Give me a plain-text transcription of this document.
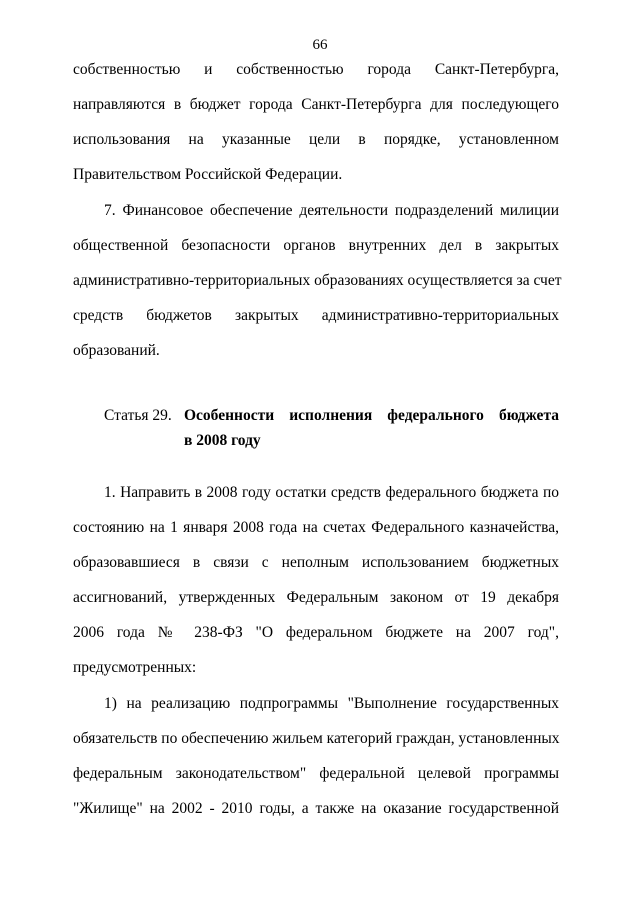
66
собственностью и собственностью города Санкт-Петербурга,
направляются в бюджет города Санкт-Петербурга для последующего
использования на указанные цели в порядке, установленном
Правительством Российской Федерации.
7. Финансовое обеспечение деятельности подразделений милиции
общественной безопасности органов внутренних дел в закрытых
административно-территориальных образованиях осуществляется за счет
средств бюджетов закрытых административно-территориальных
образований.
Статья 29. Особенности исполнения федерального бюджета
в 2008 году
1. Направить в 2008 году остатки средств федерального бюджета по
состоянию на 1 января 2008 года на счетах Федерального казначейства,
образовавшиеся в связи с неполным использованием бюджетных
ассигнований, утвержденных Федеральным законом от 19 декабря
2006 года № 238-ФЗ "О федеральном бюджете на 2007 год",
предусмотренных:
1) на реализацию подпрограммы "Выполнение государственных
обязательств по обеспечению жильем категорий граждан, установленных
федеральным законодательством" федеральной целевой программы
"Жилище" на 2002 - 2010 годы, а также на оказание государственной
